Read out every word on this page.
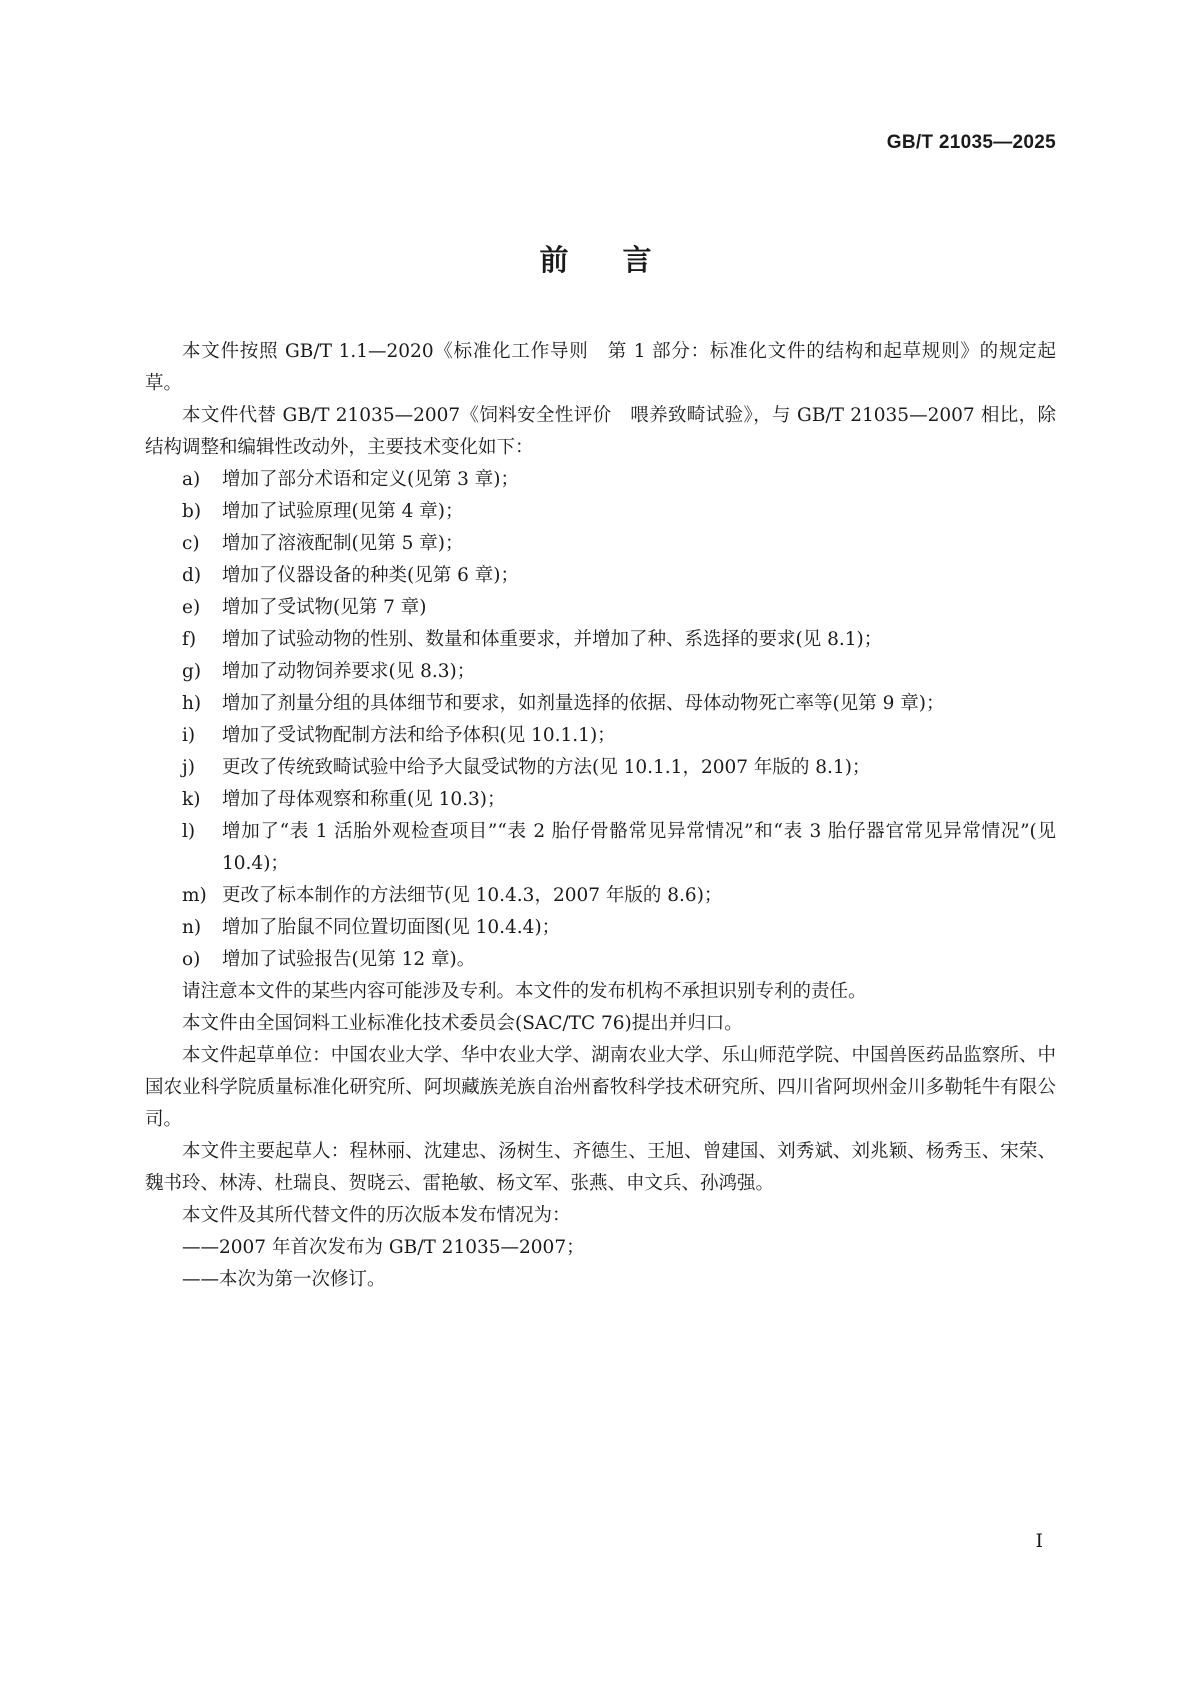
GB/T 21035—2025
前言

本文件按照 GB/T 1.1—2020《标准化工作导则　第 1 部分：标准化文件的结构和起草规则》的规定起草。

本文件代替 GB/T 21035—2007《饲料安全性评价　喂养致畸试验》，与 GB/T 21035—2007 相比，除结构调整和编辑性改动外，主要技术变化如下：

a)	增加了部分术语和定义(见第 3 章)；
b)	增加了试验原理(见第 4 章)；
c)	增加了溶液配制(见第 5 章)；
d)	增加了仪器设备的种类(见第 6 章)；
e)	增加了受试物(见第 7 章)
f)	增加了试验动物的性别、数量和体重要求，并增加了种、系选择的要求(见 8.1)；
g)	增加了动物饲养要求(见 8.3)；
h)	增加了剂量分组的具体细节和要求，如剂量选择的依据、母体动物死亡率等(见第 9 章)；
i)	增加了受试物配制方法和给予体积(见 10.1.1)；
j)	更改了传统致畸试验中给予大鼠受试物的方法(见 10.1.1，2007 年版的 8.1)；
k)	增加了母体观察和称重(见 10.3)；
l)	增加了“表 1 活胎外观检查项目”“表 2 胎仔骨骼常见异常情况”和“表 3 胎仔器官常见异常情况”(见 10.4)；
m) 更改了标本制作的方法细节(见 10.4.3，2007 年版的 8.6)；
n)	增加了胎鼠不同位置切面图(见 10.4.4)；
o)	增加了试验报告(见第 12 章)。

请注意本文件的某些内容可能涉及专利。本文件的发布机构不承担识别专利的责任。

本文件由全国饲料工业标准化技术委员会(SAC/TC 76)提出并归口。

本文件起草单位：中国农业大学、华中农业大学、湖南农业大学、乐山师范学院、中国兽医药品监察所、中国农业科学院质量标准化研究所、阿坝藏族羌族自治州畜牧科学技术研究所、四川省阿坝州金川多勒牦牛有限公司。

本文件主要起草人：程林丽、沈建忠、汤树生、齐德生、王旭、曾建国、刘秀斌、刘兆颖、杨秀玉、宋荣、魏书玲、林涛、杜瑞良、贺晓云、雷艳敏、杨文军、张燕、申文兵、孙鸿强。

本文件及其所代替文件的历次版本发布情况为：

——2007 年首次发布为 GB/T 21035—2007；

——本次为第一次修订。

I
